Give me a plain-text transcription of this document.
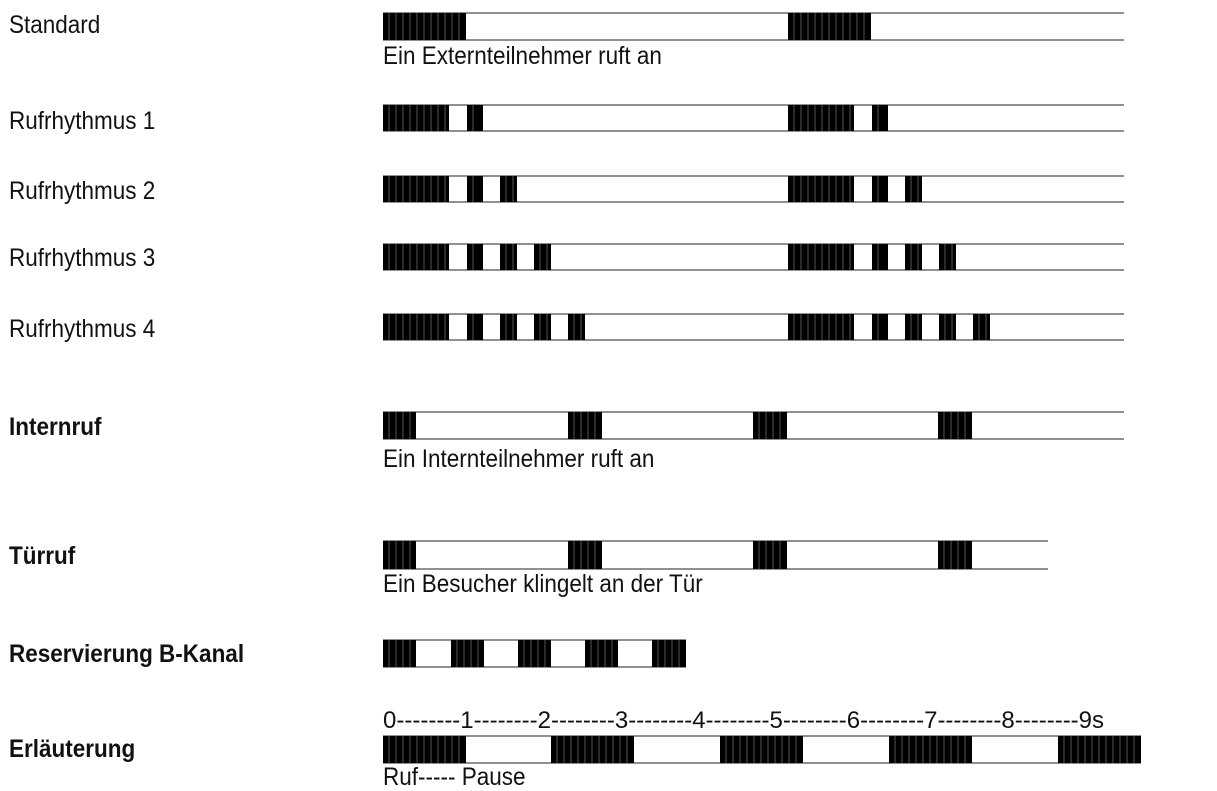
Standard
Rufrhythmus 1
Rufrhythmus 2
Rufrhythmus 3
Rufrhythmus 4
Internruf
Türruf
Reservierung B-Kanal
Erläuterung
Ein Externteilnehmer ruft an
Ein Internteilnehmer ruft an
Ein Besucher klingelt an der Tür
Ruf----- Pause
0--------1--------2--------3--------4--------5--------6--------7--------8--------9s
